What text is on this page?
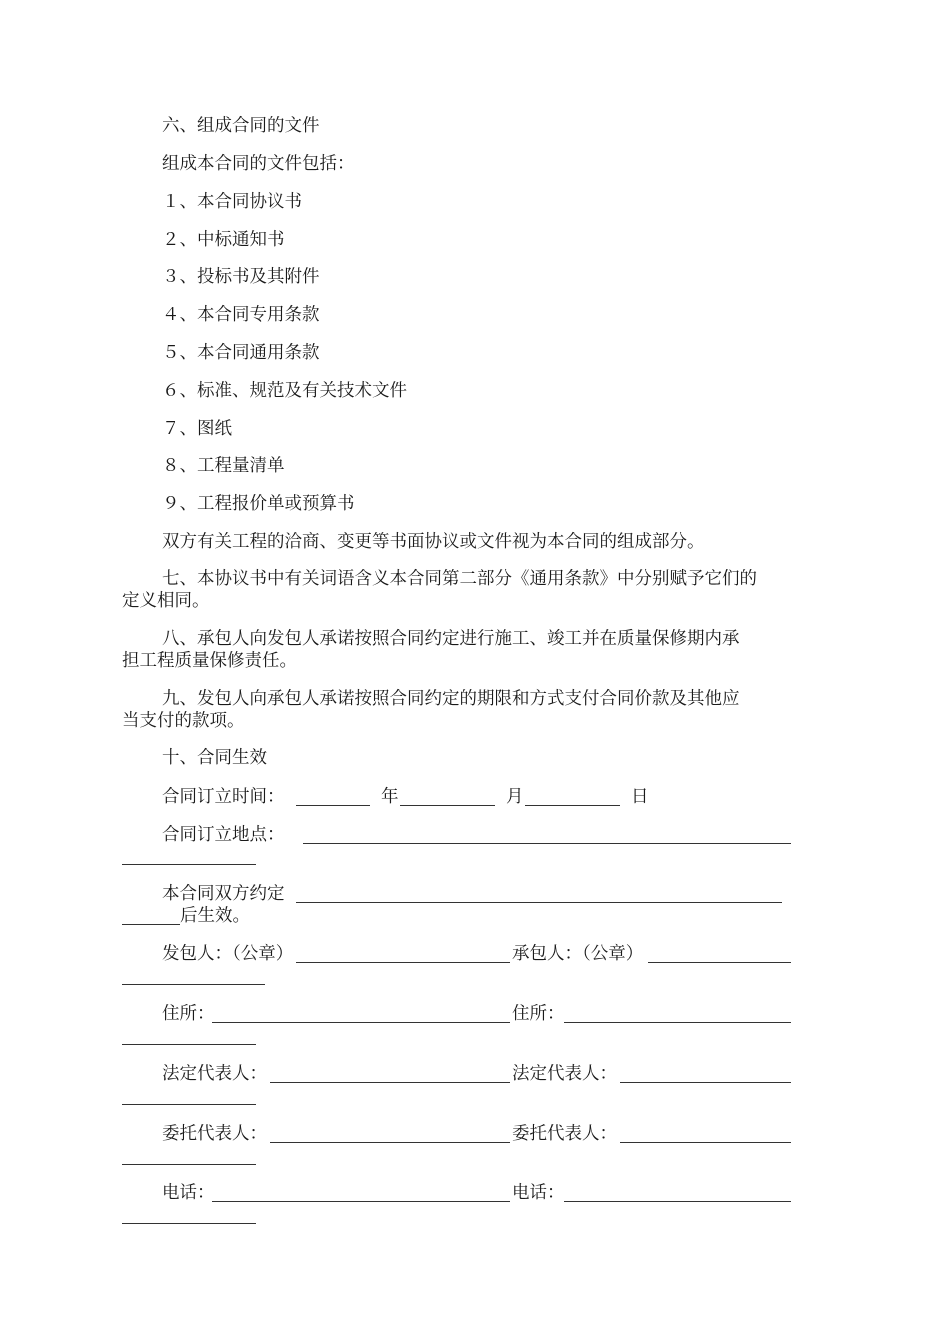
六、组成合同的文件
组成本合同的文件包括：
１、本合同协议书
２、中标通知书
３、投标书及其附件
４、本合同专用条款
５、本合同通用条款
６、标准、规范及有关技术文件
７、图纸
８、工程量清单
９、工程报价单或预算书
双方有关工程的洽商、变更等书面协议或文件视为本合同的组成部分。
七、本协议书中有关词语含义本合同第二部分《通用条款》中分别赋予它们的
定义相同。
八、承包人向发包人承诺按照合同约定进行施工、竣工并在质量保修期内承
担工程质量保修责任。
九、发包人向承包人承诺按照合同约定的期限和方式支付合同价款及其他应
当支付的款项。
十、合同生效
合同订立时间：	年	月	日
合同订立地点：
本合同双方约定
后生效。
发包人：（公章）	承包人：（公章）
住所：	住所：
法定代表人：	法定代表人：
委托代表人：	委托代表人：
电话：	电话：
